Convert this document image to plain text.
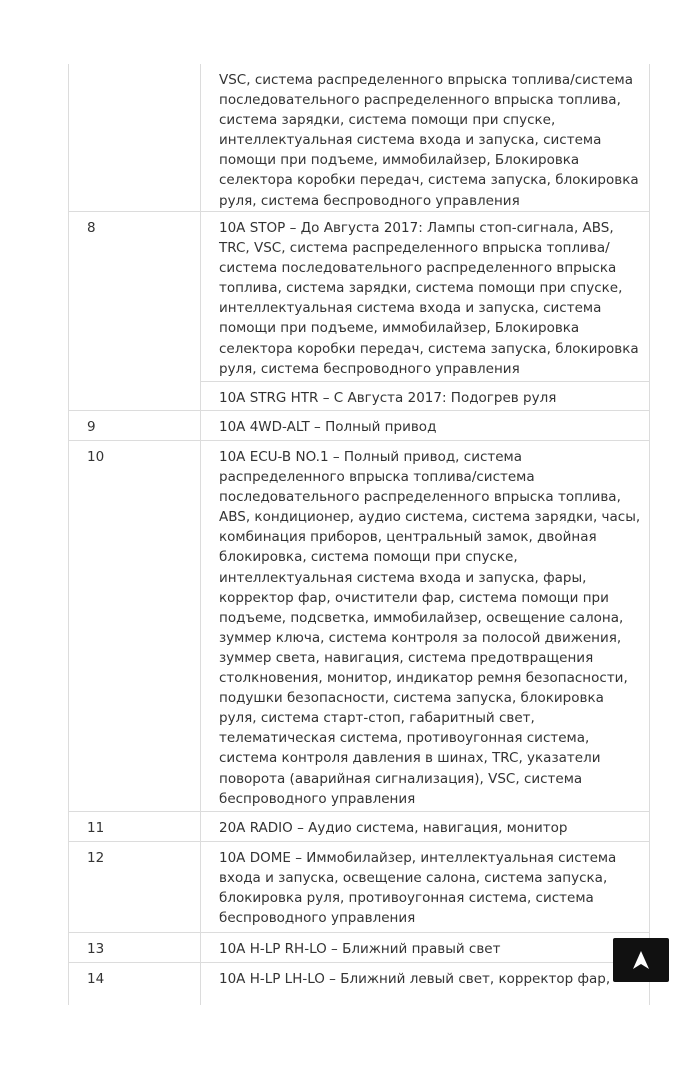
VSC, система распределенного впрыска топлива/система последовательного распределенного впрыска топлива, система зарядки, система помощи при спуске, интеллектуальная система входа и запуска, система помощи при подъеме, иммобилайзер, Блокировка селектора коробки передач, система запуска, блокировка руля, система беспроводного управления
8	10A STOP – До Августа 2017: Лампы стоп-сигнала, ABS, TRC, VSC, система распределенного впрыска топлива/система последовательного распределенного впрыска топлива, система зарядки, система помощи при спуске, интеллектуальная система входа и запуска, система помощи при подъеме, иммобилайзер, Блокировка селектора коробки передач, система запуска, блокировка руля, система беспроводного управления
10A STRG HTR – С Августа 2017: Подогрев руля
9	10A 4WD-ALT – Полный привод
10	10A ECU-B NO.1 – Полный привод, система распределенного впрыска топлива/система последовательного распределенного впрыска топлива, ABS, кондиционер, аудио система, система зарядки, часы, комбинация приборов, центральный замок, двойная блокировка, система помощи при спуске, интеллектуальная система входа и запуска, фары, корректор фар, очистители фар, система помощи при подъеме, подсветка, иммобилайзер, освещение салона, зуммер ключа, система контроля за полосой движения, зуммер света, навигация, система предотвращения столкновения, монитор, индикатор ремня безопасности, подушки безопасности, система запуска, блокировка руля, система старт-стоп, габаритный свет, телематическая система, противоугонная система, система контроля давления в шинах, TRC, указатели поворота (аварийная сигнализация), VSC, система беспроводного управления
11	20A RADIO – Аудио система, навигация, монитор
12	10A DOME – Иммобилайзер, интеллектуальная система входа и запуска, освещение салона, система запуска, блокировка руля, противоугонная система, система беспроводного управления
13	10A H-LP RH-LO – Ближний правый свет
14	10A H-LP LH-LO – Ближний левый свет, корректор фар,
